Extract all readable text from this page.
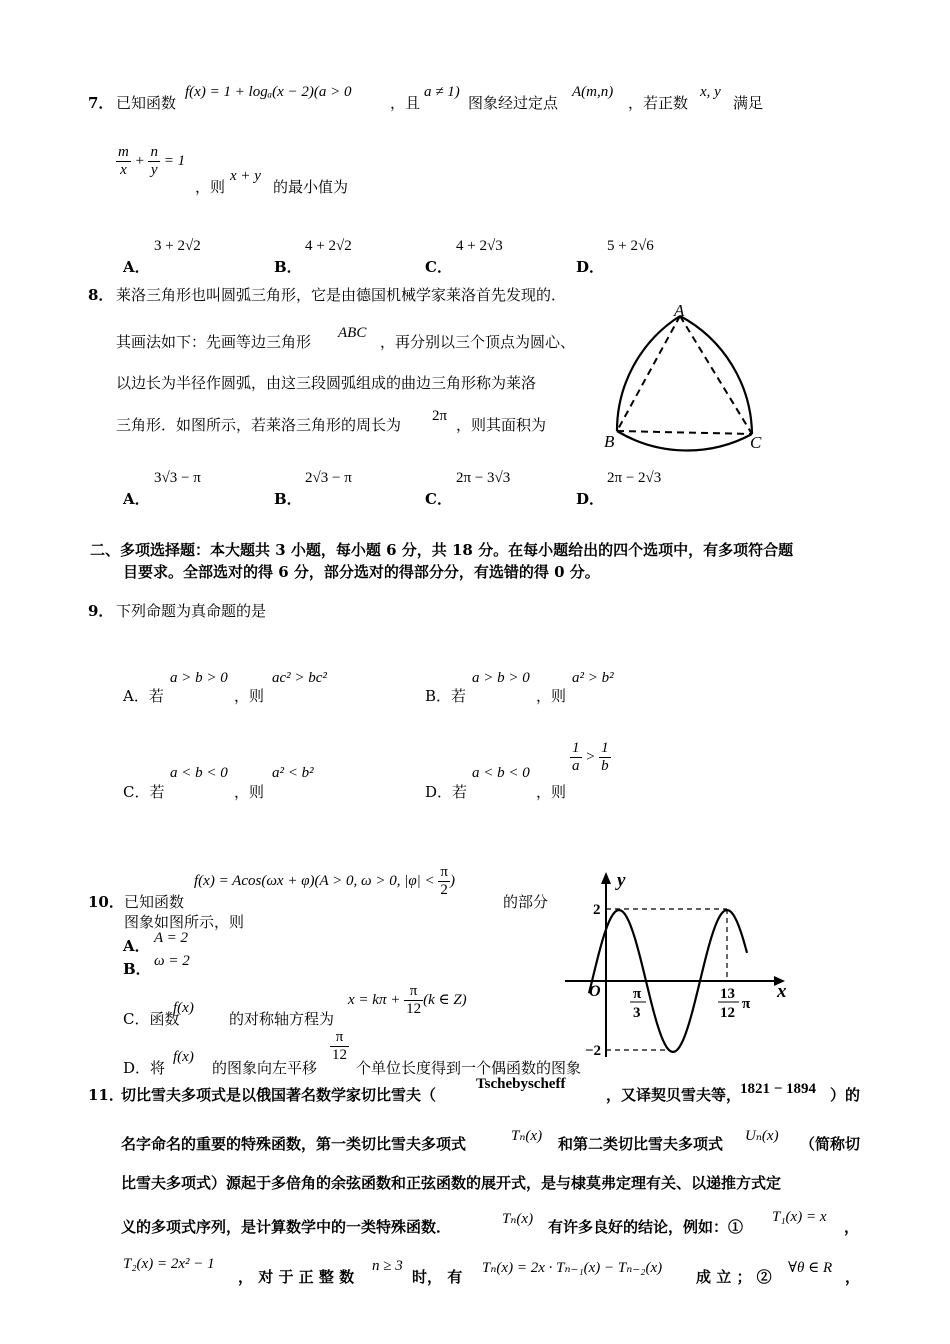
7． 已知函数
f(x) = 1 + logₐ(x − 2)(a > 0
，且
a ≠ 1)
图象经过定点
A(m,n)
，若正数
x, y
满足
$\frac{m}{x} + \frac{n}{y} = 1$
，则
x + y
的最小值为
A．
3 + 2√2
B．
4 + 2√2
C．
4 + 2√3
D．
5 + 2√6
8． 莱洛三角形也叫圆弧三角形，它是由德国机械学家莱洛首先发现的．
其画法如下：先画等边三角形 ABC ，再分别以三个顶点为圆心、
以边长为半径作圆弧，由这三段圆弧组成的曲边三角形称为莱洛
三角形．如图所示，若莱洛三角形的周长为 2π ，则其面积为
A
B	C
A．
3√3 − π
B．
2√3 − π
C．
2π − 3√3
D．
2π − 2√3
二、多项选择题：本大题共 3 小题，每小题 6 分，共 18 分。在每小题给出的四个选项中，有多项符合题
目要求。全部选对的得 6 分，部分选对的得部分分，有选错的得 0 分。
9． 下列命题为真命题的是
A．若
a > b > 0
，则
ac² > bc²
B．若
a > b > 0
，则
a² > b²
C．若
a < b < 0
，则
a² < b²
D．若
a < b < 0
，则
$\frac{1}{a} > \frac{1}{b}$
10． 已知函数
f(x) = Acos(ωx + φ)(A > 0, ω > 0, $|\varphi| < \frac{\pi}{2}$ )
的部分
图象如图所示，则
A． A = 2
B． ω = 2
C．函数
f(x)
的对称轴方程为
$x = k\pi + \frac{\pi}{12} (k$ ∈ Z)
D．将
f(x)
的图象向左平移
$\frac{\pi}{12}$
个单位长度得到一个偶函数的图象
y
x
O
2
−2
π
3
13
12
π
11．
切比雪夫多项式是以俄国著名数学家切比雪夫（
Tschebyscheff
，又译契贝雪夫等，
1821 − 1894 ）的
名字命名的重要的特殊函数，第一类切比雪夫多项式	Tₙ(x) 和第二类切比雪夫多项式 Uₙ(x) （简称切
比雪夫多项式）源起于多倍角的余弦函数和正弦函数的展开式，是与棣莫弗定理有关、以递推方式定
义的多项式序列，是计算数学中的一类特殊函数．	Tₙ(x) 有许多良好的结论，例如：①
T₁(x) = x
，
T₂(x) = 2x² − 1
， 对 于 正 整 数
n ≥ 3
时， 有 Tₙ(x) = 2x · Tₙ₋₁(x) − Tₙ₋₂(x) 成 立 ； ② ∀θ ∈ R ，
